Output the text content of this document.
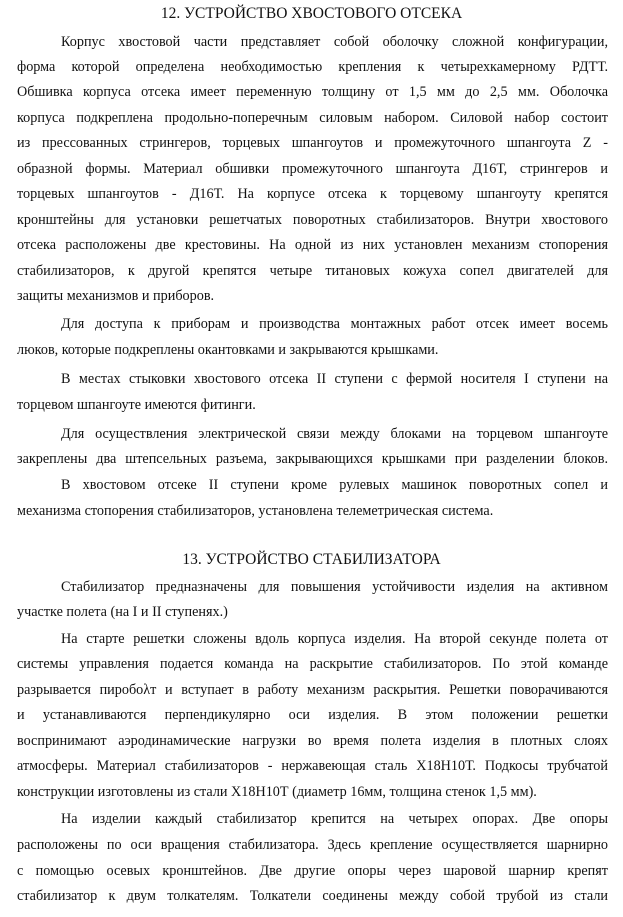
12. УСТРОЙСТВО ХВОСТОВОГО ОТСЕКА
Корпус хвостовой части представляет собой оболочку сложной конфигурации,
форма которой определена необходимостью крепления к четырехкамерному РДТТ.
Обшивка корпуса отсека имеет переменную толщину от 1,5 мм до 2,5 мм. Оболочка
корпуса подкреплена продольно-поперечным силовым набором. Силовой набор состоит
из прессованных стрингеров, торцевых шпангоутов и промежуточного шпангоута Z -
образной формы. Материал обшивки промежуточного шпангоута Д16Т, стрингеров и
торцевых шпангоутов - Д16Т. На корпусе отсека к торцевому шпангоуту крепятся
кронштейны для установки решетчатых поворотных стабилизаторов. Внутри хвостового
отсека расположены две крестовины. На одной из них установлен механизм стопорения
стабилизаторов, к другой крепятся четыре титановых кожуха сопел двигателей для
защиты механизмов и приборов.
Для доступа к приборам и производства монтажных работ отсек имеет восемь
люков, которые подкреплены окантовками и закрываются крышками.
В местах стыковки хвостового отсека II ступени с фермой носителя I ступени на
торцевом шпангоуте имеются фитинги.
Для осуществления электрической связи между блоками на торцевом шпангоуте
закреплены два штепсельных разъема, закрывающихся крышками при разделении блоков.
В хвостовом отсеке II ступени кроме рулевых машинок поворотных сопел и
механизма стопорения стабилизаторов, установлена телеметрическая система.
13. УСТРОЙСТВО СТАБИЛИЗАТОРА
Стабилизатор предназначены для повышения устойчивости изделия на активном
участке полета (на I и II ступенях.)
На старте решетки сложены вдоль корпуса изделия. На второй секунде полета от
системы управления подается команда на раскрытие стабилизаторов. По этой команде
разрывается пиробολт и вступает в работу механизм раскрытия. Решетки поворачиваются
и устанавливаются перпендикулярно оси изделия. В этом положении решетки
воспринимают аэродинамические нагрузки во время полета изделия в плотных слоях
атмосферы. Материал стабилизаторов - нержавеющая сталь Х18Н10Т. Подкосы трубчатой
конструкции изготовлены из стали Х18Н10Т (диаметр 16мм, толщина стенок 1,5 мм).
На изделии каждый стабилизатор крепится на четырех опорах. Две опоры
расположены по оси вращения стабилизатора. Здесь крепление осуществляется шарнирно
с помощью осевых кронштейнов. Две другие опоры через шаровой шарнир крепят
стабилизатор к двум толкателям. Толкатели соединены между собой трубой из стали
